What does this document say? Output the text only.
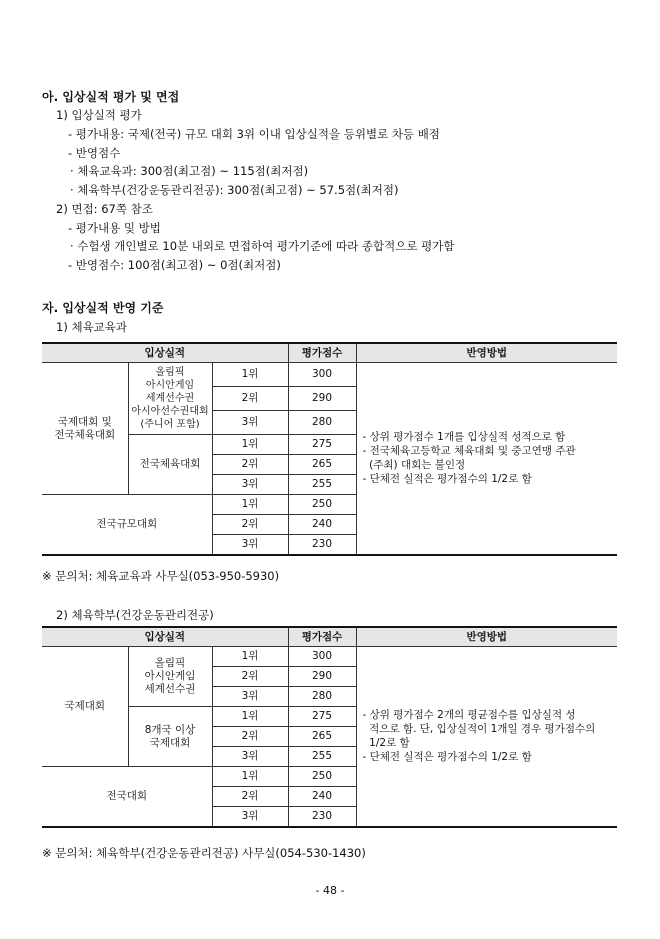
아. 입상실적 평가 및 면접
1) 입상실적 평가
- 평가내용: 국제(전국) 규모 대회 3위 이내 입상실적을 등위별로 차등 배점
- 반영점수
· 체육교육과: 300점(최고점) ~ 115점(최저점)
· 체육학부(건강운동관리전공): 300점(최고점) ~ 57.5점(최저점)
2) 면접: 67쪽 참조
- 평가내용 및 방법
· 수험생 개인별로 10분 내외로 면접하여 평가기준에 따라 종합적으로 평가함
- 반영점수: 100점(최고점) ~ 0점(최저점)
자. 입상실적 반영 기준
1) 체육교육과
입상실적			평가점수	반영방법
국제대회 및
전국체육대회	올림픽
아시안게임
세계선수권
아시아선수권대회
(주니어 포함)	1위	300	- 상위 평가점수 1개를 입상실적 성적으로 함
- 전국체육고등학교 체육대회 및 중고연맹 주관
(주최) 대회는 불인정
- 단체전 실적은 평가점수의 1/2로 함

		2위	290	
		3위	280	
	전국체육대회	1위	275	
		2위	265	
		3위	255	
전국규모대회		1위	250	
		2위	240	
		3위	230	
※ 문의처: 체육교육과 사무실(053-950-5930)
2) 체육학부(건강운동관리전공)
입상실적			평가점수	반영방법
국제대회	올림픽
아시안게임
세계선수권	1위	300	- 상위 평가점수 2개의 평균점수를 입상실적 성
적으로 함. 단, 입상실적이 1개일 경우 평가점수의
1/2로 함
- 단체전 실적은 평가점수의 1/2로 함

		2위	290	
		3위	280	
	8개국 이상
국제대회	1위	275	
		2위	265	
		3위	255	
전국대회		1위	250	
		2위	240	
		3위	230	
※ 문의처: 체육학부(건강운동관리전공) 사무실(054-530-1430)
- 48 -
